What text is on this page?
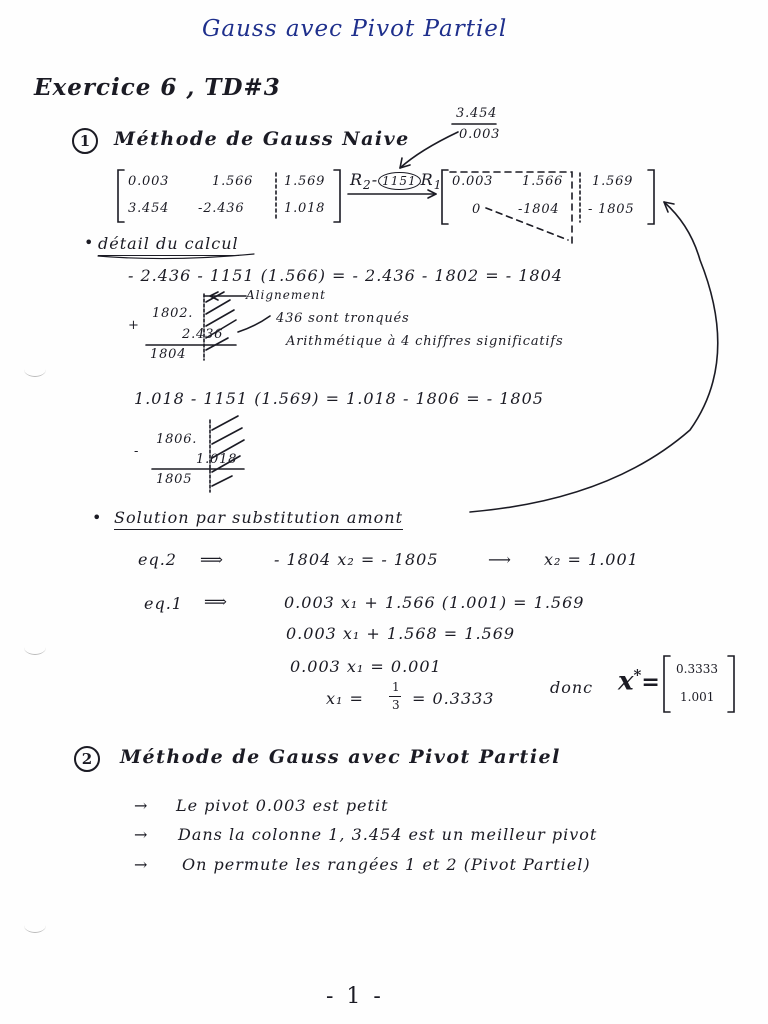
Gauss avec Pivot Partiel
Exercice 6 , TD#3
1	Méthode de Gauss Naive
3.454
0.003
0.003	1.566 1.569
3.454 -2.436	1.018
$R_2-$ 1151 $R_1$ 0.003 1.566 1.569
0	-1804 - 1805
• détail du calcul
- 2.436 - 1151 (1.566) = - 2.436 - 1802 = - 1804
1802.
+
2.436
1804
Alignement
436 sont tronqués
Arithmétique à 4 chiffres significatifs
1.018 - 1151 (1.569) = 1.018 - 1806 = - 1805
1806.
-
1.018
1805
• Solution par substitution amont
eq.2 ⟹	- 1804 x₂ = - 1805	⟶ x₂ = 1.001
eq.1 ⟹	0.003 x₁ + 1.566 (1.001) = 1.569
0.003 x₁ + 1.568 = 1.569
0.003 x₁ = 0.001
x₁ =
1
3 = 0.3333
donc x*=
0.3333
1.001
2	Méthode de Gauss avec Pivot Partiel
→ Le pivot 0.003 est petit
→ Dans la colonne 1, 3.454 est un meilleur pivot
→ On permute les rangées 1 et 2 (Pivot Partiel)
- 1 -
